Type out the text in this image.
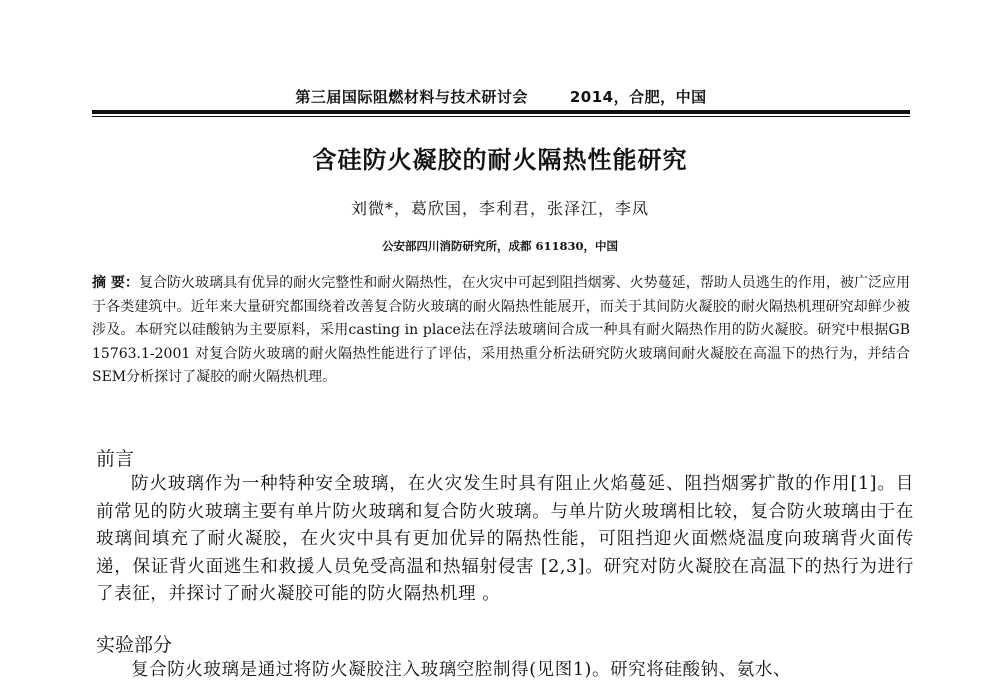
第三届国际阻燃材料与技术研讨会	2014，合肥，中国
含硅防火凝胶的耐火隔热性能研究
刘微*，葛欣国，李利君，张泽江，李凤
公安部四川消防研究所，成都 611830，中国
摘 要：复合防火玻璃具有优异的耐火完整性和耐火隔热性，在火灾中可起到阻挡烟雾、火势蔓延，帮助人员逃生的作用，被广泛应用于各类建筑中。近年来大量研究都围绕着改善复合防火玻璃的耐火隔热性能展开，而关于其间防火凝胶的耐火隔热机理研究却鲜少被涉及。本研究以硅酸钠为主要原料，采用casting in place法在浮法玻璃间合成一种具有耐火隔热作用的防火凝胶。研究中根据GB 15763.1-2001 对复合防火玻璃的耐火隔热性能进行了评估，采用热重分析法研究防火玻璃间耐火凝胶在高温下的热行为，并结合SEM分析探讨了凝胶的耐火隔热机理。
前言
防火玻璃作为一种特种安全玻璃，在火灾发生时具有阻止火焰蔓延、阻挡烟雾扩散的作用[1]。目前常见的防火玻璃主要有单片防火玻璃和复合防火玻璃。与单片防火玻璃相比较，复合防火玻璃由于在玻璃间填充了耐火凝胶，在火灾中具有更加优异的隔热性能，可阻挡迎火面燃烧温度向玻璃背火面传递，保证背火面逃生和救援人员免受高温和热辐射侵害 [2,3]。研究对防火凝胶在高温下的热行为进行了表征，并探讨了耐火凝胶可能的防火隔热机理 。
实验部分
复合防火玻璃是通过将防火凝胶注入玻璃空腔制得(见图1)。研究将硅酸钠、氨水、
